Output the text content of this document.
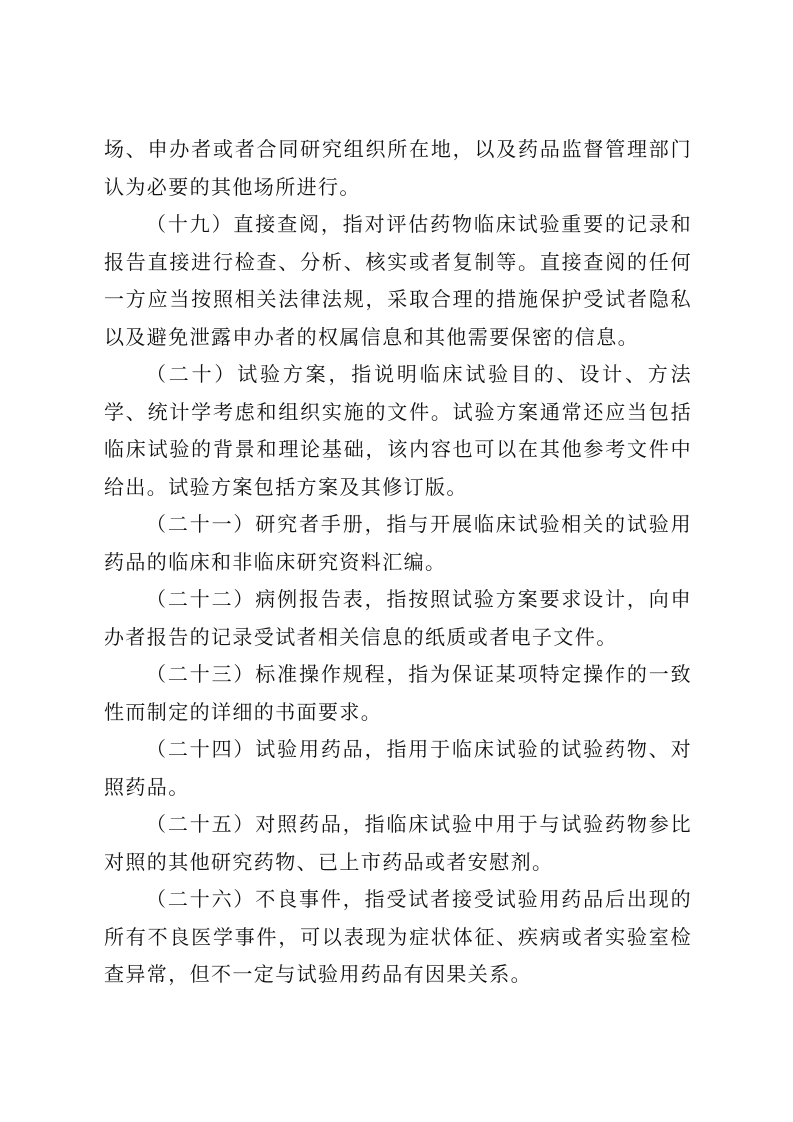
场、申办者或者合同研究组织所在地，以及药品监督管理部门认为必要的其他场所进行。

（十九）直接查阅，指对评估药物临床试验重要的记录和报告直接进行检查、分析、核实或者复制等。直接查阅的任何一方应当按照相关法律法规，采取合理的措施保护受试者隐私以及避免泄露申办者的权属信息和其他需要保密的信息。

（二十）试验方案，指说明临床试验目的、设计、方法学、统计学考虑和组织实施的文件。试验方案通常还应当包括临床试验的背景和理论基础，该内容也可以在其他参考文件中给出。试验方案包括方案及其修订版。

（二十一）研究者手册，指与开展临床试验相关的试验用药品的临床和非临床研究资料汇编。

（二十二）病例报告表，指按照试验方案要求设计，向申办者报告的记录受试者相关信息的纸质或者电子文件。

（二十三）标准操作规程，指为保证某项特定操作的一致性而制定的详细的书面要求。

（二十四）试验用药品，指用于临床试验的试验药物、对照药品。

（二十五）对照药品，指临床试验中用于与试验药物参比对照的其他研究药物、已上市药品或者安慰剂。

（二十六）不良事件，指受试者接受试验用药品后出现的所有不良医学事件，可以表现为症状体征、疾病或者实验室检查异常，但不一定与试验用药品有因果关系。
